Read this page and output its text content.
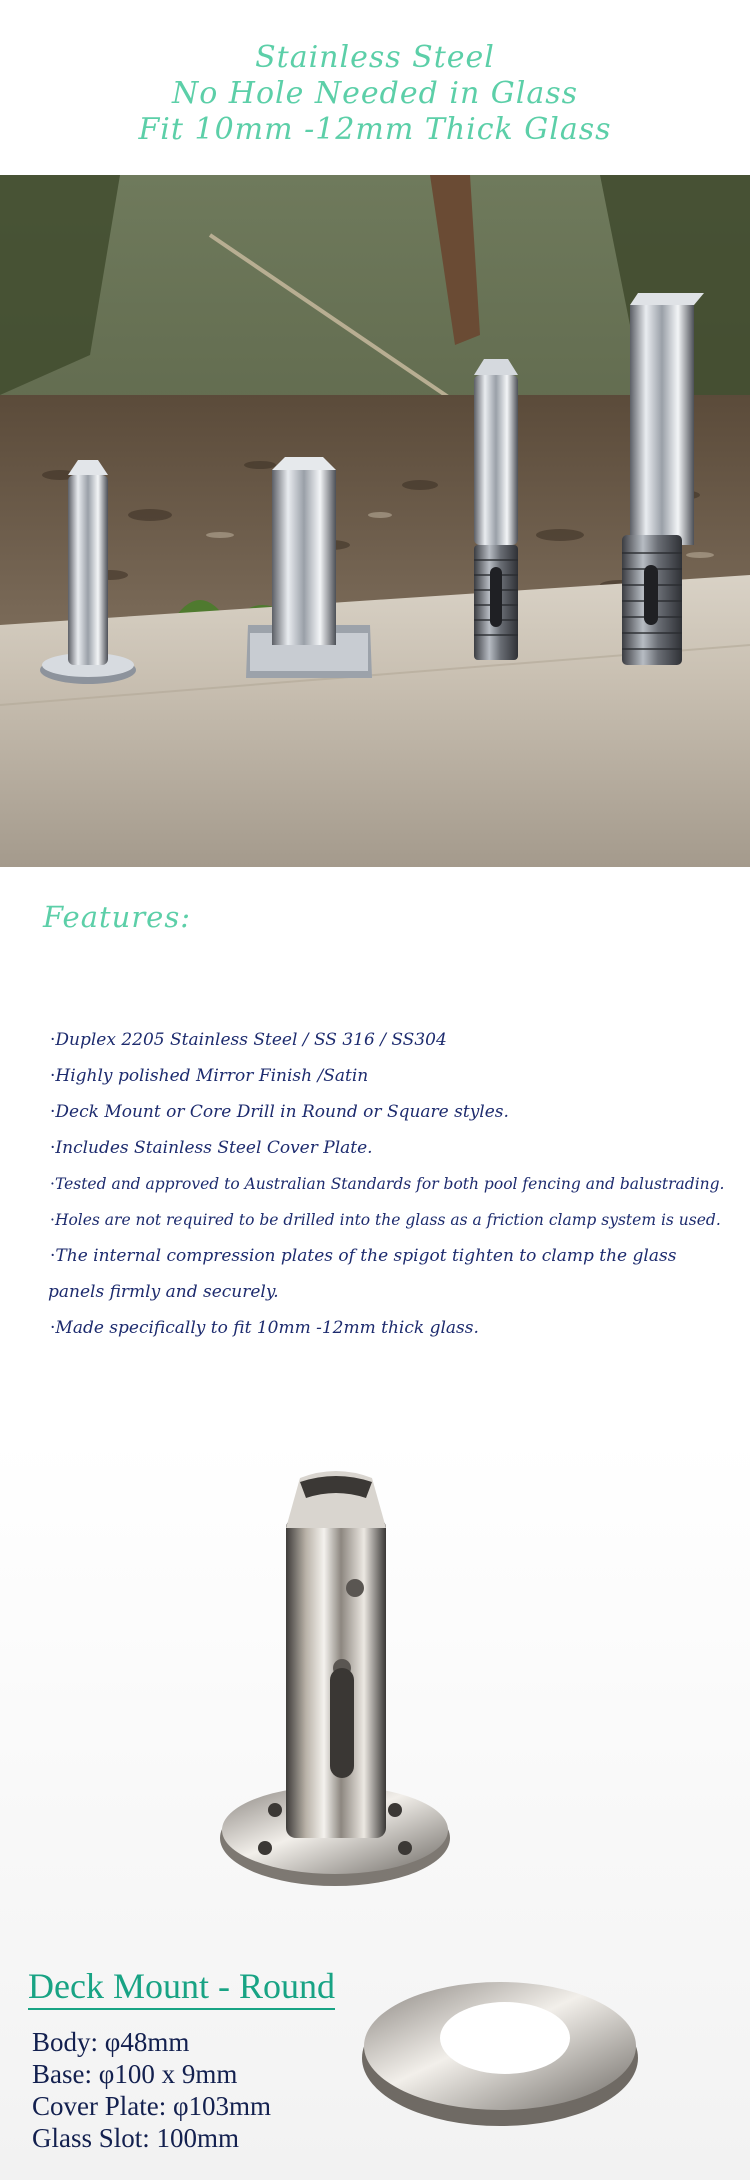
Stainless Steel
No Hole Needed in Glass
Fit 10mm -12mm Thick Glass
Features:
·Duplex 2205 Stainless Steel / SS 316 / SS304
·Highly polished Mirror Finish /Satin
·Deck Mount or Core Drill in Round or Square styles.
·Includes Stainless Steel Cover Plate.
·Tested and approved to Australian Standards for both pool fencing and balustrading.
·Holes are not required to be drilled into the glass as a friction clamp system is used.
·The internal compression plates of the spigot tighten to clamp the glass
panels firmly and securely.
·Made specifically to fit 10mm -12mm thick glass.
Deck Mount - Round
Body: φ48mm
Base: φ100 x 9mm
Cover Plate: φ103mm
Glass Slot: 100mm
